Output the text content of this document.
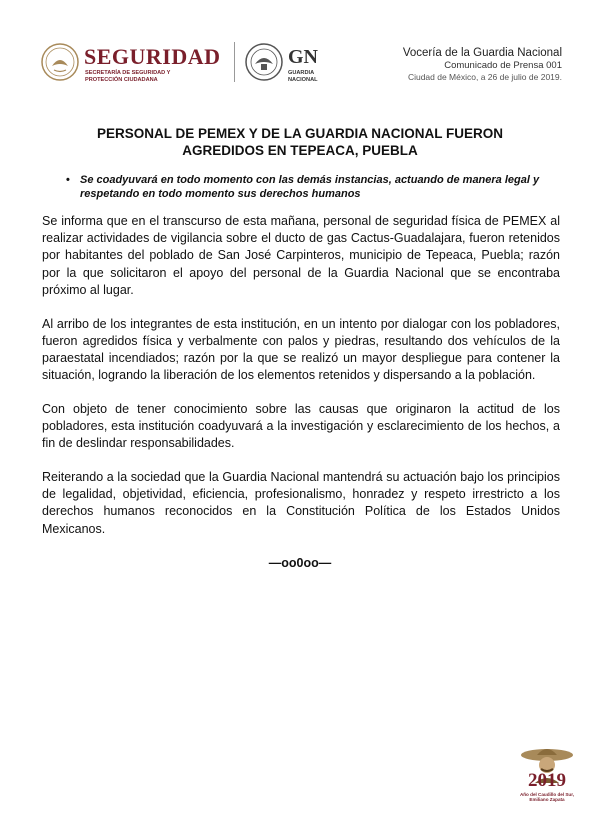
SEGURIDAD
SECRETARÍA DE SEGURIDAD Y PROTECCIÓN CIUDADANA
GN
GUARDIA NACIONAL
Vocería de la Guardia Nacional
Comunicado de Prensa 001
Ciudad de México, a 26 de julio de 2019.
PERSONAL DE PEMEX Y DE LA GUARDIA NACIONAL FUERON AGREDIDOS EN TEPEACA, PUEBLA
• Se coadyuvará en todo momento con las demás instancias, actuando de manera legal y respetando en todo momento sus derechos humanos

Se informa que en el transcurso de esta mañana, personal de seguridad física de PEMEX al realizar actividades de vigilancia sobre el ducto de gas Cactus-Guadalajara, fueron retenidos por habitantes del poblado de San José Carpinteros, municipio de Tepeaca, Puebla; razón por la que solicitaron el apoyo del personal de la Guardia Nacional que se encontraba próximo al lugar.

Al arribo de los integrantes de esta institución, en un intento por dialogar con los pobladores, fueron agredidos física y verbalmente con palos y piedras, resultando dos vehículos de la paraestatal incendiados; razón por la que se realizó un mayor despliegue para contener la situación, logrando la liberación de los elementos retenidos y dispersando a la población.

Con objeto de tener conocimiento sobre las causas que originaron la actitud de los pobladores, esta institución coadyuvará a la investigación y esclarecimiento de los hechos, a fin de deslindar responsabilidades.

Reiterando a la sociedad que la Guardia Nacional mantendrá su actuación bajo los principios de legalidad, objetividad, eficiencia, profesionalismo, honradez y respeto irrestricto a los derechos humanos reconocidos en la Constitución Política de los Estados Unidos Mexicanos.

—oo0oo—
2019
Año del Caudillo del Sur, Emiliano Zapata
